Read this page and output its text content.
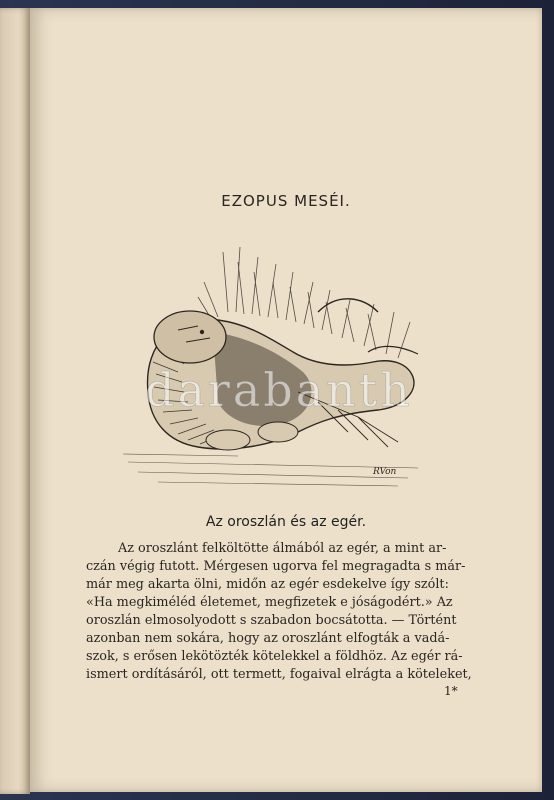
EZOPUS MESÉI.
RVon
darabanth
Az oroszlán és az egér.
Az oroszlánt felköltötte álmából az egér, a mint ar-
czán végig futott. Mérgesen ugorva fel megragadta s már-
már meg akarta ölni, midőn az egér esdekelve így szólt:
«Ha megkiméléd életemet, megfizetek e jóságodért.» Az
oroszlán elmosolyodott s szabadon bocsátotta. — Történt
azonban nem sokára, hogy az oroszlánt elfogták a vadá-
szok, s erősen lekötözték kötelekkel a földhöz. Az egér rá-
ismert ordításáról, ott termett, fogaival elrágta a köteleket,
1*
